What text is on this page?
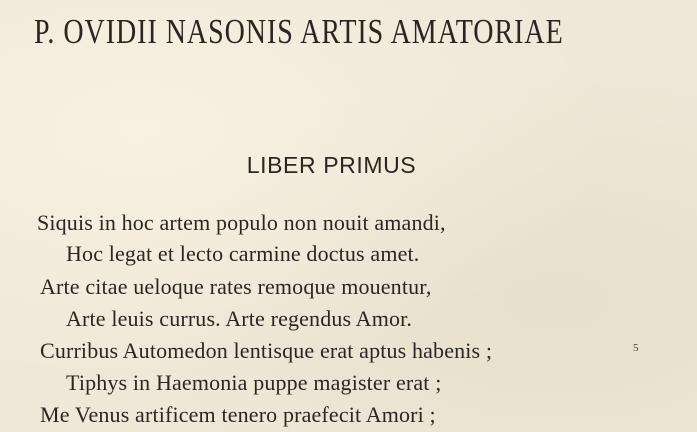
P. OVIDII NASONIS ARTIS AMATORIAE
LIBER PRIMUS

Siquis in hoc artem populo non nouit amandi,

Hoc legat et lecto carmine doctus amet.

Arte citae ueloque rates remoque mouentur,

Arte leuis currus. Arte regendus Amor.

Curribus Automedon lentisque erat aptus habenis ;

Tiphys in Haemonia puppe magister erat ;

Me Venus artificem tenero praefecit Amori ;

5
